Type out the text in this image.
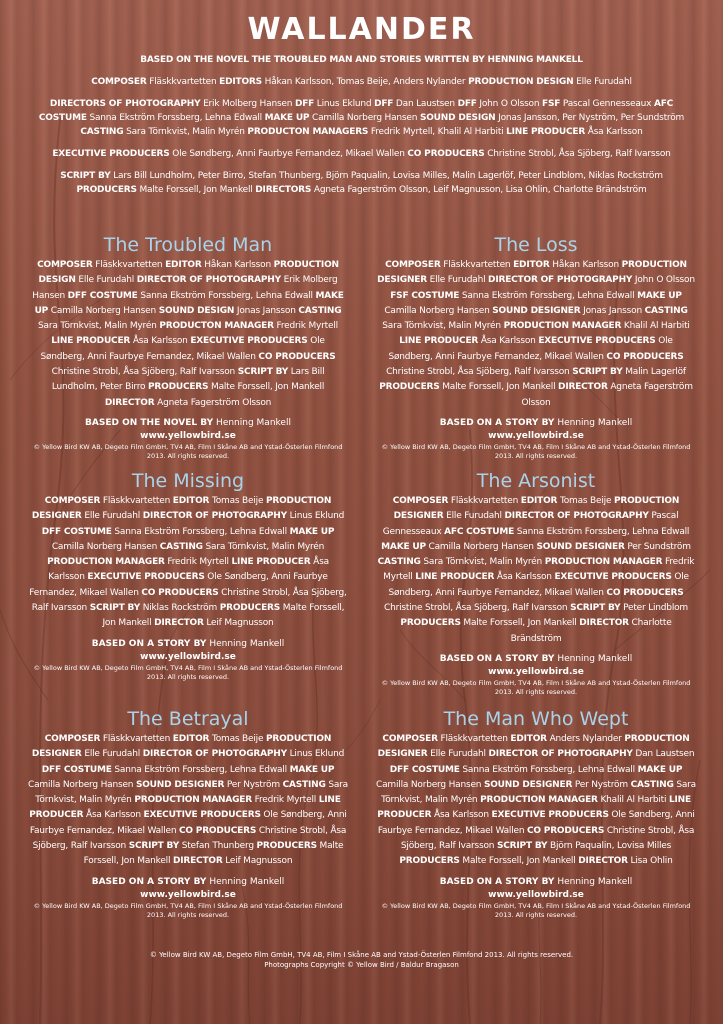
WALLANDER

BASED ON THE NOVEL THE TROUBLED MAN AND STORIES WRITTEN BY HENNING MANKELL

COMPOSER Fläskkvartetten EDITORS Håkan Karlsson, Tomas Beije, Anders Nylander PRODUCTION DESIGN Elle Furudahl

DIRECTORS OF PHOTOGRAPHY Erik Molberg Hansen DFF Linus Eklund DFF Dan Laustsen DFF John O Olsson FSF Pascal Gennesseaux AFC COSTUME Sanna Ekström Forssberg, Lehna Edwall MAKE UP Camilla Norberg Hansen SOUND DESIGN Jonas Jansson, Per Nyström, Per Sundström CASTING Sara Törnkvist, Malin Myrén PRODUCTON MANAGERS Fredrik Myrtell, Khalil Al Harbiti LINE PRODUCER Åsa Karlsson

EXECUTIVE PRODUCERS Ole Søndberg, Anni Faurbye Fernandez, Mikael Wallen CO PRODUCERS Christine Strobl, Åsa Sjöberg, Ralf Ivarsson

SCRIPT BY Lars Bill Lundholm, Peter Birro, Stefan Thunberg, Björn Paqualin, Lovisa Milles, Malin Lagerlöf, Peter Lindblom, Niklas Rockström PRODUCERS Malte Forssell, Jon Mankell DIRECTORS Agneta Fagerström Olsson, Leif Magnusson, Lisa Ohlin, Charlotte Brändström

The Troubled Man

COMPOSER Fläskkvartetten EDITOR Håkan Karlsson PRODUCTION DESIGN Elle Furudahl DIRECTOR OF PHOTOGRAPHY Erik Molberg Hansen DFF COSTUME Sanna Ekström Forssberg, Lehna Edwall MAKE UP Camilla Norberg Hansen SOUND DESIGN Jonas Jansson CASTING Sara Törnkvist, Malin Myrén PRODUCTON MANAGER Fredrik Myrtell LINE PRODUCER Åsa Karlsson EXECUTIVE PRODUCERS Ole Søndberg, Anni Faurbye Fernandez, Mikael Wallen CO PRODUCERS Christine Strobl, Åsa Sjöberg, Ralf Ivarsson SCRIPT BY Lars Bill Lundholm, Peter Birro PRODUCERS Malte Forssell, Jon Mankell DIRECTOR Agneta Fagerström Olsson

BASED ON THE NOVEL BY Henning Mankell

www.yellowbird.se

© Yellow Bird KW AB, Degeto Film GmbH, TV4 AB, Film I Skåne AB and Ystad-Österlen Filmfond 2013. All rights reserved.

The Loss

COMPOSER Fläskkvartetten EDITOR Håkan Karlsson PRODUCTION DESIGNER Elle Furudahl DIRECTOR OF PHOTOGRAPHY John O Olsson FSF COSTUME Sanna Ekström Forssberg, Lehna Edwall MAKE UP Camilla Norberg Hansen SOUND DESIGNER Jonas Jansson CASTING Sara Törnkvist, Malin Myrén PRODUCTION MANAGER Khalil Al Harbiti LINE PRODUCER Åsa Karlsson EXECUTIVE PRODUCERS Ole Søndberg, Anni Faurbye Fernandez, Mikael Wallen CO PRODUCERS Christine Strobl, Åsa Sjöberg, Ralf Ivarsson SCRIPT BY Malin Lagerlöf PRODUCERS Malte Forssell, Jon Mankell DIRECTOR Agneta Fagerström Olsson

BASED ON A STORY BY Henning Mankell

www.yellowbird.se

© Yellow Bird KW AB, Degeto Film GmbH, TV4 AB, Film I Skåne AB and Ystad-Österlen Filmfond 2013. All rights reserved.

The Missing

COMPOSER Fläskkvartetten EDITOR Tomas Beije PRODUCTION DESIGNER Elle Furudahl DIRECTOR OF PHOTOGRAPHY Linus Eklund DFF COSTUME Sanna Ekström Forssberg, Lehna Edwall MAKE UP Camilla Norberg Hansen CASTING Sara Törnkvist, Malin Myrén PRODUCTION MANAGER Fredrik Myrtell LINE PRODUCER Åsa Karlsson EXECUTIVE PRODUCERS Ole Søndberg, Anni Faurbye Fernandez, Mikael Wallen CO PRODUCERS Christine Strobl, Åsa Sjöberg, Ralf Ivarsson SCRIPT BY Niklas Rockström PRODUCERS Malte Forssell, Jon Mankell DIRECTOR Leif Magnusson

BASED ON A STORY BY Henning Mankell

www.yellowbird.se

© Yellow Bird KW AB, Degeto Film GmbH, TV4 AB, Film I Skåne AB and Ystad-Österlen Filmfond 2013. All rights reserved.

The Arsonist

COMPOSER Fläskkvartetten EDITOR Tomas Beije PRODUCTION DESIGNER Elle Furudahl DIRECTOR OF PHOTOGRAPHY Pascal Gennesseaux AFC COSTUME Sanna Ekström Forssberg, Lehna Edwall MAKE UP Camilla Norberg Hansen SOUND DESIGNER Per Sundström CASTING Sara Törnkvist, Malin Myrén PRODUCTION MANAGER Fredrik Myrtell LINE PRODUCER Åsa Karlsson EXECUTIVE PRODUCERS Ole Søndberg, Anni Faurbye Fernandez, Mikael Wallen CO PRODUCERS Christine Strobl, Åsa Sjöberg, Ralf Ivarsson SCRIPT BY Peter Lindblom PRODUCERS Malte Forssell, Jon Mankell DIRECTOR Charlotte Brändström

BASED ON A STORY BY Henning Mankell

www.yellowbird.se

© Yellow Bird KW AB, Degeto Film GmbH, TV4 AB, Film I Skåne AB and Ystad-Österlen Filmfond 2013. All rights reserved.

The Betrayal

COMPOSER Fläskkvartetten EDITOR Tomas Beije PRODUCTION DESIGNER Elle Furudahl DIRECTOR OF PHOTOGRAPHY Linus Eklund DFF COSTUME Sanna Ekström Forssberg, Lehna Edwall MAKE UP Camilla Norberg Hansen SOUND DESIGNER Per Nyström CASTING Sara Törnkvist, Malin Myrén PRODUCTION MANAGER Fredrik Myrtell LINE PRODUCER Åsa Karlsson EXECUTIVE PRODUCERS Ole Søndberg, Anni Faurbye Fernandez, Mikael Wallen CO PRODUCERS Christine Strobl, Åsa Sjöberg, Ralf Ivarsson SCRIPT BY Stefan Thunberg PRODUCERS Malte Forssell, Jon Mankell DIRECTOR Leif Magnusson

BASED ON A STORY BY Henning Mankell

www.yellowbird.se

© Yellow Bird KW AB, Degeto Film GmbH, TV4 AB, Film I Skåne AB and Ystad-Österlen Filmfond 2013. All rights reserved.

The Man Who Wept

COMPOSER Fläskkvartetten EDITOR Anders Nylander PRODUCTION DESIGNER Elle Furudahl DIRECTOR OF PHOTOGRAPHY Dan Laustsen DFF COSTUME Sanna Ekström Forssberg, Lehna Edwall MAKE UP Camilla Norberg Hansen SOUND DESIGNER Per Nyström CASTING Sara Törnkvist, Malin Myrén PRODUCTION MANAGER Khalil Al Harbiti LINE PRODUCER Åsa Karlsson EXECUTIVE PRODUCERS Ole Søndberg, Anni Faurbye Fernandez, Mikael Wallen CO PRODUCERS Christine Strobl, Åsa Sjöberg, Ralf Ivarsson SCRIPT BY Björn Paqualin, Lovisa Milles PRODUCERS Malte Forssell, Jon Mankell DIRECTOR Lisa Ohlin

BASED ON A STORY BY Henning Mankell

www.yellowbird.se

© Yellow Bird KW AB, Degeto Film GmbH, TV4 AB, Film I Skåne AB and Ystad-Österlen Filmfond 2013. All rights reserved.

© Yellow Bird KW AB, Degeto Film GmbH, TV4 AB, Film I Skåne AB and Ystad-Österlen Filmfond 2013. All rights reserved.

Photographs Copyright © Yellow Bird / Baldur Bragason
